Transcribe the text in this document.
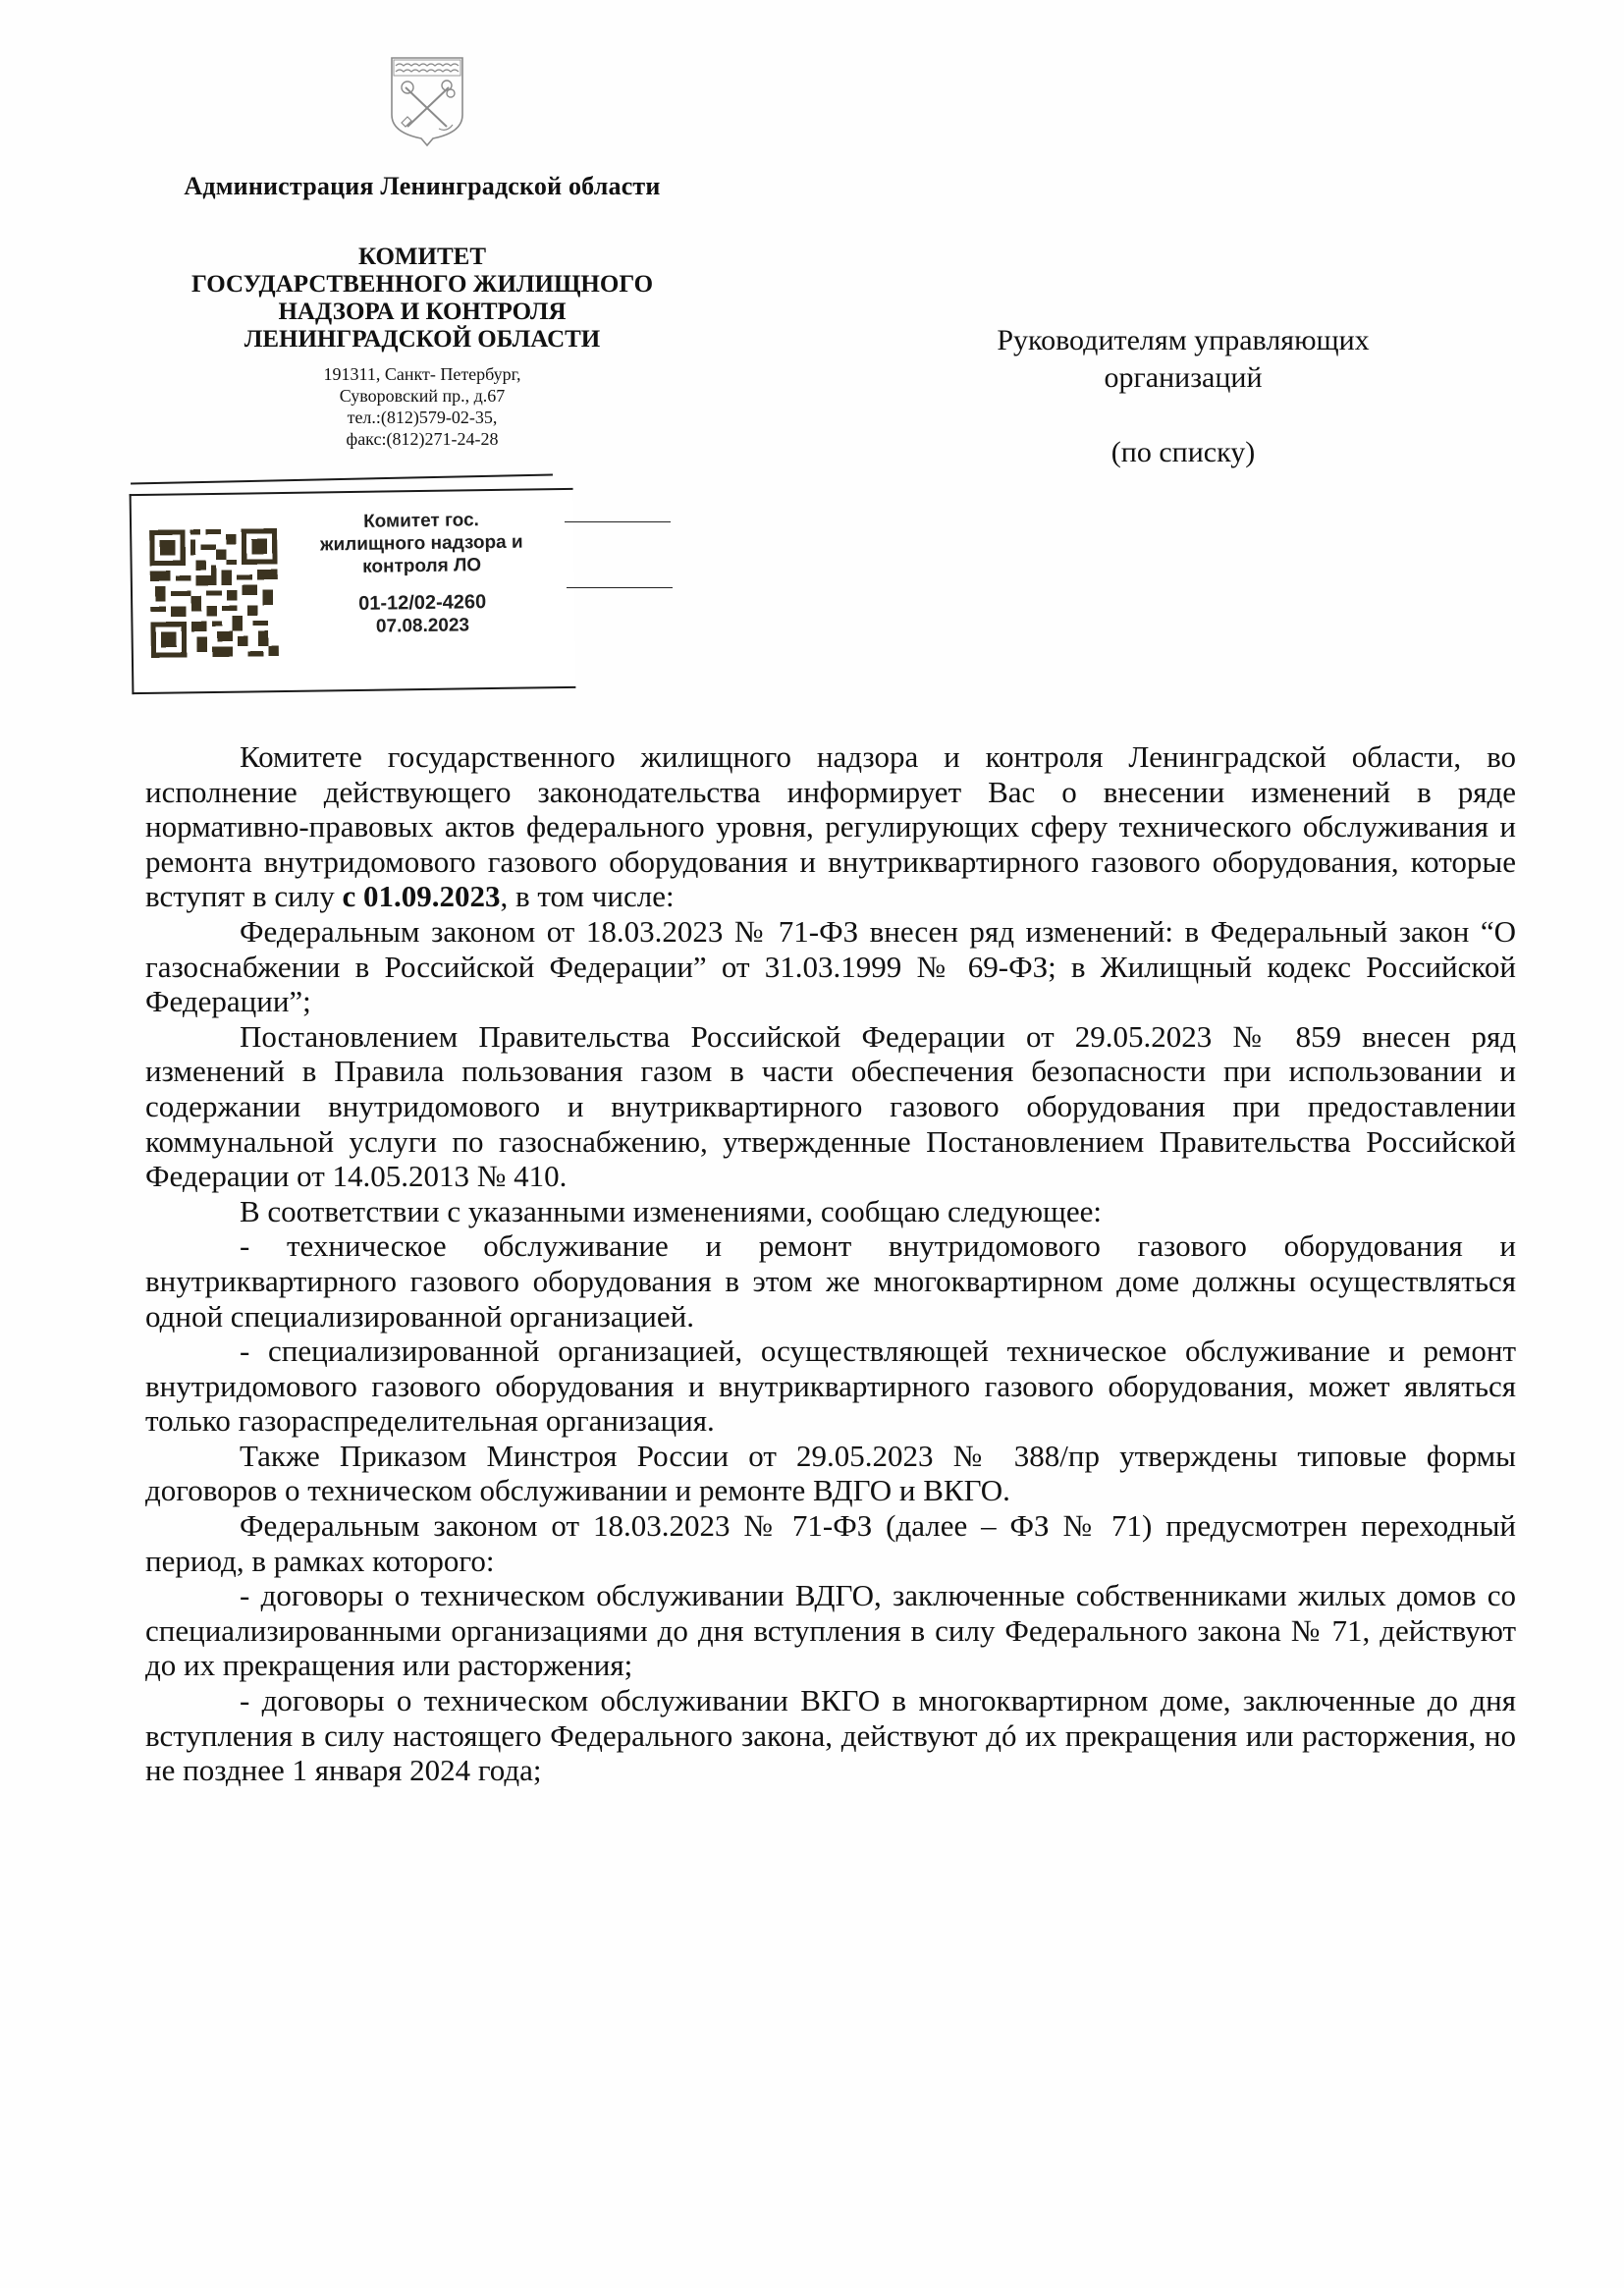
Администрация Ленинградской области
КОМИТЕТ
ГОСУДАРСТВЕННОГО ЖИЛИЩНОГО
НАДЗОРА И КОНТРОЛЯ
ЛЕНИНГРАДСКОЙ ОБЛАСТИ
191311, Санкт- Петербург,
Суворовский пр., д.67
тел.:(812)579-02-35,
факс:(812)271-24-28
Руководителям управляющих
организаций
(по списку)
Комитет гос.
жилищного надзора и
контроля ЛО
01-12/02-4260
07.08.2023

Комитете государственного жилищного надзора и контроля Ленинградской области, во исполнение действующего законодательства информирует Вас о внесении изменений в ряде нормативно-правовых актов федерального уровня, регулирующих сферу технического обслуживания и ремонта внутридомового газового оборудования и внутриквартирного газового оборудования, которые вступят в силу с 01.09.2023, в том числе:

Федеральным законом от 18.03.2023 № 71-ФЗ внесен ряд изменений: в Федеральный закон “О газоснабжении в Российской Федерации” от 31.03.1999 № 69-ФЗ; в Жилищный кодекс Российской Федерации”;

Постановлением Правительства Российской Федерации от 29.05.2023 № 859 внесен ряд изменений в Правила пользования газом в части обеспечения безопасности при использовании и содержании внутридомового и внутриквартирного газового оборудования при предоставлении коммунальной услуги по газоснабжению, утвержденные Постановлением Правительства Российской Федерации от 14.05.2013 № 410.

В соответствии с указанными изменениями, сообщаю следующее:

- техническое обслуживание и ремонт внутридомового газового оборудования и внутриквартирного газового оборудования в этом же многоквартирном доме должны осуществляться одной специализированной организацией.

- специализированной организацией, осуществляющей техническое обслуживание и ремонт внутридомового газового оборудования и внутриквартирного газового оборудования, может являться только газораспределительная организация.

Также Приказом Минстроя России от 29.05.2023 № 388/пр утверждены типовые формы договоров о техническом обслуживании и ремонте ВДГО и ВКГО.

Федеральным законом от 18.03.2023 № 71-ФЗ (далее – ФЗ № 71) предусмотрен переходный период, в рамках которого:

- договоры о техническом обслуживании ВДГО, заключенные собственниками жилых домов со специализированными организациями до дня вступления в силу Федерального закона № 71, действуют до их прекращения или расторжения;

- договоры о техническом обслуживании ВКГО в многоквартирном доме, заключенные до дня вступления в силу настоящего Федерального закона, действуют дó их прекращения или расторжения, но не позднее 1 января 2024 года;
